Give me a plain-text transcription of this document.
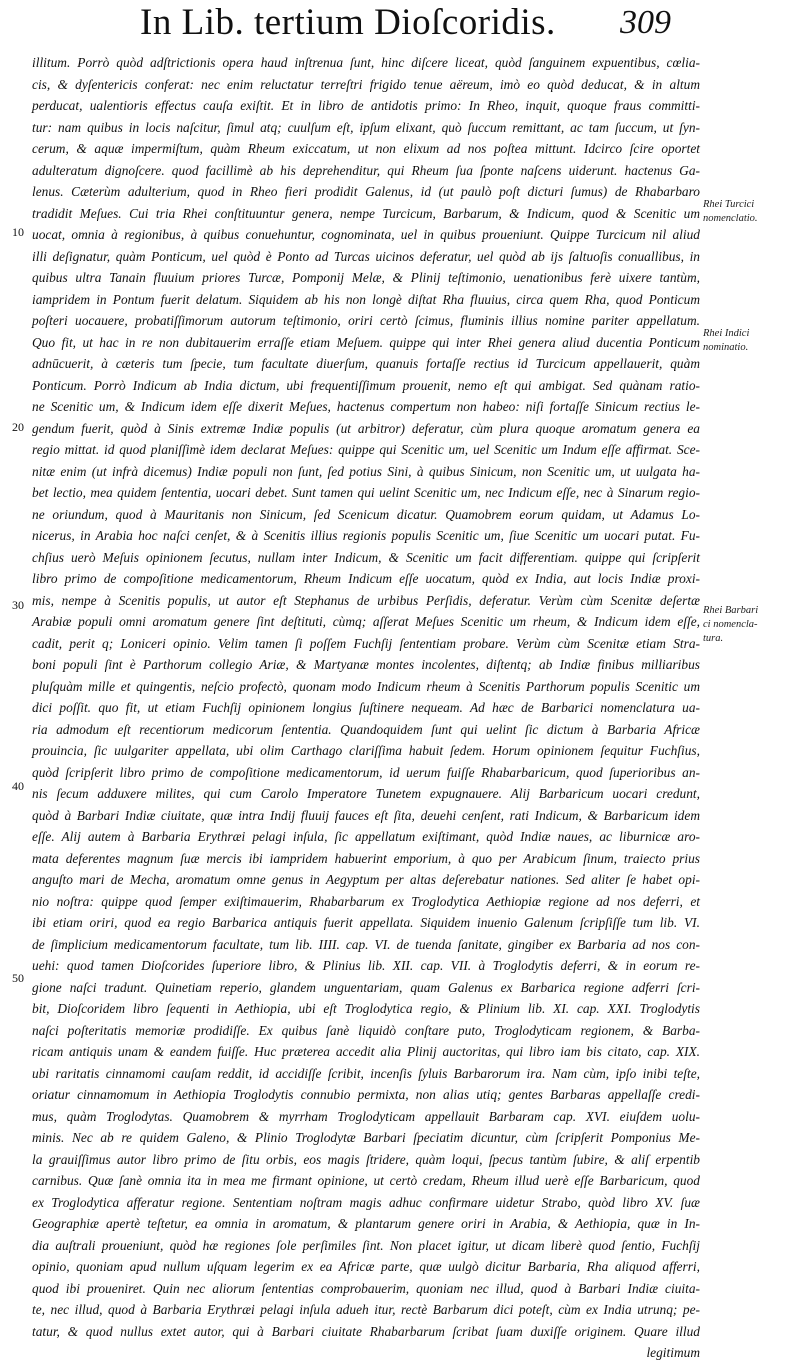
In Lib. tertium Dioſcoridis.	309
10
20
30
40
50
Rhei Turcici
nomenclatio.
Rhei Indici
nominatio.
Rhei Barbari
ci nomencla-
tura.
illitum. Porrò quòd adſtrictionis opera haud inſtrenua ſunt, hinc diſcere liceat, quòd ſanguinem expuentibus, cœlia-
cis, & dyſentericis conferat: nec enim reluctatur terreſtri frigido tenue aëreum, imò eo quòd deducat, & in altum
perducat, ualentioris effectus cauſa exiſtit. Et in libro de antidotis primo: In Rheo, inquit, quoque fraus committi-
tur: nam quibus in locis naſcitur, ſimul atq; cuulſum eſt, ipſum elixant, quò ſuccum remittant, ac tam ſuccum, ut ſyn-
cerum, & aquæ impermiſtum, quàm Rheum exiccatum, ut non elixum ad nos poſtea mittunt. Idcirco ſcire oportet
adulteratum dignoſcere. quod facillimè ab his deprehenditur, qui Rheum ſua ſponte naſcens uiderunt. hactenus Ga-
lenus. Cæterùm adulterium, quod in Rheo fieri prodidit Galenus, id (ut paulò poſt dicturi ſumus) de Rhabarbaro
tradidit Meſues. Cui tria Rhei conſtituuntur genera, nempe Turcicum, Barbarum, & Indicum, quod & Scenitic um
uocat, omnia à regionibus, à quibus conuehuntur, cognominata, uel in quibus proueniunt. Quippe Turcicum nil aliud
illi deſignatur, quàm Ponticum, uel quòd è Ponto ad Turcas uicinos deferatur, uel quòd ab ijs ſaltuoſis conuallibus, in
quibus ultra Tanain fluuium priores Turcæ, Pomponij Melæ, & Plinij teſtimonio, uenationibus ferè uixere tantùm,
iampridem in Pontum fuerit delatum. Siquidem ab his non longè diſtat Rha fluuius, circa quem Rha, quod Ponticum
poſteri uocauere, probatiſſimorum autorum teſtimonio, oriri certò ſcimus, fluminis illius nomine pariter appellatum.
Quo fit, ut hac in re non dubitauerim erraſſe etiam Meſuem. quippe qui inter Rhei genera aliud ducentia Ponticum
adnūcuerit, à cæteris tum ſpecie, tum facultate diuerſum, quanuis fortaſſe rectius id Turcicum appellauerit, quàm
Ponticum. Porrò Indicum ab India dictum, ubi frequentiſſimum prouenit, nemo eſt qui ambigat. Sed quànam ratio-
ne Scenitic um, & Indicum idem eſſe dixerit Meſues, hactenus compertum non habeo: niſi fortaſſe Sinicum rectius le-
gendum fuerit, quòd à Sinis extremæ Indiæ populis (ut arbitror) deferatur, cùm plura quoque aromatum genera ea
regio mittat. id quod planiſſimè idem declarat Meſues: quippe qui Scenitic um, uel Scenitic um Indum eſſe affirmat. Sce-
nitæ enim (ut infrà dicemus) Indiæ populi non ſunt, ſed potius Sini, à quibus Sinicum, non Scenitic um, ut uulgata ha-
bet lectio, mea quidem ſententia, uocari debet. Sunt tamen qui uelint Scenitic um, nec Indicum eſſe, nec à Sinarum regio-
ne oriundum, quod à Mauritanis non Sinicum, ſed Scenicum dicatur. Quamobrem eorum quidam, ut Adamus Lo-
nicerus, in Arabia hoc naſci cenſet, & à Scenitis illius regionis populis Scenitic um, ſiue Scenitic um uocari putat. Fu-
chſius uerò Meſuis opinionem ſecutus, nullam inter Indicum, & Scenitic um facit differentiam. quippe qui ſcripſerit
libro primo de compoſitione medicamentorum, Rheum Indicum eſſe uocatum, quòd ex India, aut locis Indiæ proxi-
mis, nempe à Scenitis populis, ut autor eſt Stephanus de urbibus Perſidis, deferatur. Verùm cùm Scenitæ deſertæ
Arabiæ populi omni aromatum genere ſint deſtituti, cùmq; aſſerat Meſues Scenitic um rheum, & Indicum idem eſſe,
cadit, perit q; Loniceri opinio. Velim tamen ſi poſſem Fuchſij ſententiam probare. Verùm cùm Scenitæ etiam Stra-
boni populi ſint è Parthorum collegio Ariæ, & Martyanæ montes incolentes, diſtentq; ab Indiæ finibus milliaribus
pluſquàm mille et quingentis, neſcio profectò, quonam modo Indicum rheum à Scenitis Parthorum populis Scenitic um
dici poſſit. quo fit, ut etiam Fuchſij opinionem longius ſuſtinere nequeam. Ad hæc de Barbarici nomenclatura ua-
ria admodum eſt recentiorum medicorum ſententia. Quandoquidem ſunt qui uelint ſic dictum à Barbaria Africæ
prouincia, ſic uulgariter appellata, ubi olim Carthago clariſſima habuit ſedem. Horum opinionem ſequitur Fuchſius,
quòd ſcripſerit libro primo de compoſitione medicamentorum, id uerum fuiſſe Rhabarbaricum, quod ſuperioribus an-
nis ſecum adduxere milites, qui cum Carolo Imperatore Tunetem expugnauere. Alij Barbaricum uocari credunt,
quòd à Barbari Indiæ ciuitate, quæ intra Indij fluuij fauces eſt ſita, deuehi cenſent, rati Indicum, & Barbaricum idem
eſſe. Alij autem à Barbaria Erythræi pelagi inſula, ſic appellatum exiſtimant, quòd Indiæ naues, ac liburnicæ aro-
mata deferentes magnum ſuæ mercis ibi iampridem habuerint emporium, à quo per Arabicum ſinum, traiecto prius
anguſto mari de Mecha, aromatum omne genus in Aegyptum per altas deſerebatur nationes. Sed aliter ſe habet opi-
nio noſtra: quippe quod ſemper exiſtimauerim, Rhabarbarum ex Troglodytica Aethiopiæ regione ad nos deferri, et
ibi etiam oriri, quod ea regio Barbarica antiquis fuerit appellata. Siquidem inuenio Galenum ſcripſiſſe tum lib. VI.
de ſimplicium medicamentorum facultate, tum lib. IIII. cap. VI. de tuenda ſanitate, gingiber ex Barbaria ad nos con-
uehi: quod tamen Dioſcorides ſuperiore libro, & Plinius lib. XII. cap. VII. à Troglodytis deferri, & in eorum re-
gione naſci tradunt. Quinetiam reperio, glandem unguentariam, quam Galenus ex Barbarica regione adferri ſcri-
bit, Dioſcoridem libro ſequenti in Aethiopia, ubi eſt Troglodytica regio, & Plinium lib. XI. cap. XXI. Troglodytis
naſci poſteritatis memoriæ prodidiſſe. Ex quibus ſanè liquidò conſtare puto, Troglodyticam regionem, & Barba-
ricam antiquis unam & eandem fuiſſe. Huc præterea accedit alia Plinij auctoritas, qui libro iam bis citato, cap. XIX.
ubi raritatis cinnamomi cauſam reddit, id accidiſſe ſcribit, incenſis ſyluis Barbarorum ira. Nam cùm, ipſo inibi teſte,
oriatur cinnamomum in Aethiopia Troglodytis connubio permixta, non alias utiq; gentes Barbaras appellaſſe credi-
mus, quàm Troglodytas. Quamobrem & myrrham Troglodyticam appellauit Barbaram cap. XVI. eiuſdem uolu-
minis. Nec ab re quidem Galeno, & Plinio Troglodytæ Barbari ſpeciatim dicuntur, cùm ſcripſerit Pomponius Me-
la grauiſſimus autor libro primo de ſitu orbis, eos magis ſtridere, quàm loqui, ſpecus tantùm ſubire, & aliſ erpentib
carnibus. Quæ ſanè omnia ita in mea me firmant opinione, ut certò credam, Rheum illud uerè eſſe Barbaricum, quod
ex Troglodytica afferatur regione. Sententiam noſtram magis adhuc confirmare uidetur Strabo, quòd libro XV. ſuæ
Geographiæ apertè teſtetur, ea omnia in aromatum, & plantarum genere oriri in Arabia, & Aethiopia, quæ in In-
dia auſtrali proueniunt, quòd hæ regiones ſole perſimiles ſint. Non placet igitur, ut dicam liberè quod ſentio, Fuchſij
opinio, quoniam apud nullum uſquam legerim ex ea Africæ parte, quæ uulgò dicitur Barbaria, Rha aliquod afferri,
quod ibi proueniret. Quin nec aliorum ſententias comprobauerim, quoniam nec illud, quod à Barbari Indiæ ciuita-
te, nec illud, quod à Barbaria Erythræi pelagi inſula adueh itur, rectè Barbarum dici poteſt, cùm ex India utrunq; pe-
tatur, & quod nullus extet autor, qui à Barbari ciuitate Rhabarbarum ſcribat ſuam duxiſſe originem. Quare illud
legitimum
